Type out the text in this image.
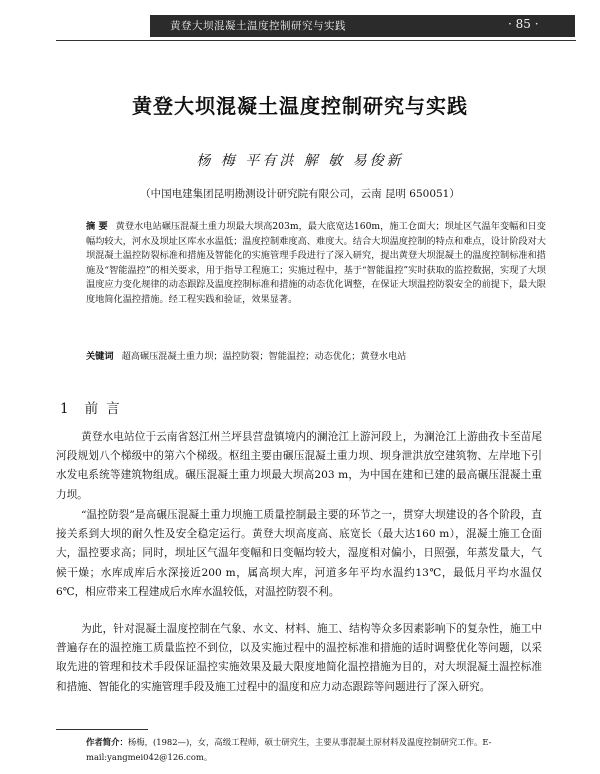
黄登大坝混凝土温度控制研究与实践	· 85 ·
黄登大坝混凝土温度控制研究与实践
杨 梅 平有洪 解 敏 易俊新
（中国电建集团昆明勘测设计研究院有限公司，云南 昆明 650051）
摘 要 黄登水电站碾压混凝土重力坝最大坝高203m，最大底宽达160m，施工仓面大；坝址区气温年变幅和日变幅均较大，河水及坝址区库水水温低；温度控制难度高、难度大。结合大坝温度控制的特点和难点，设计阶段对大坝混凝土温控防裂标准和措施及智能化的实施管理手段进行了深入研究，提出黄登大坝混凝土的温度控制标准和措施及“智能温控”的相关要求，用于指导工程施工；实施过程中，基于“智能温控”实时获取的监控数据，实现了大坝温度应力变化规律的动态跟踪及温度控制标准和措施的动态优化调整，在保证大坝温控防裂安全的前提下，最大限度地简化温控措施。经工程实践和验证，效果显著。
关键词 超高碾压混凝土重力坝；温控防裂；智能温控；动态优化；黄登水电站
1 前言
黄登水电站位于云南省怒江州兰坪县营盘镇境内的澜沧江上游河段上，为澜沧江上游曲孜卡至苗尾河段规划八个梯级中的第六个梯级。枢纽主要由碾压混凝土重力坝、坝身泄洪放空建筑物、左岸地下引水发电系统等建筑物组成。碾压混凝土重力坝最大坝高203 m，为中国在建和已建的最高碾压混凝土重力坝。
“温控防裂”是高碾压混凝土重力坝施工质量控制最主要的环节之一，贯穿大坝建设的各个阶段，直接关系到大坝的耐久性及安全稳定运行。黄登大坝高度高、底宽长（最大达160 m），混凝土施工仓面大，温控要求高；同时，坝址区气温年变幅和日变幅均较大，湿度相对偏小，日照强，年蒸发量大，气候干燥；水库成库后水深接近200 m，属高坝大库，河道多年平均水温约13℃，最低月平均水温仅6℃，相应带来工程建成后水库水温较低，对温控防裂不利。
为此，针对混凝土温度控制在气象、水文、材料、施工、结构等众多因素影响下的复杂性，施工中普遍存在的温控施工质量监控不到位，以及实施过程中的温控标准和措施的适时调整优化等问题，以采取先进的管理和技术手段保证温控实施效果及最大限度地简化温控措施为目的，对大坝混凝土温控标准和措施、智能化的实施管理手段及施工过程中的温度和应力动态跟踪等问题进行了深入研究。
作者简介：杨梅，(1982—)，女，高级工程师，硕士研究生，主要从事混凝土原材料及温度控制研究工作。E-mail:yangmei042@126.com。
